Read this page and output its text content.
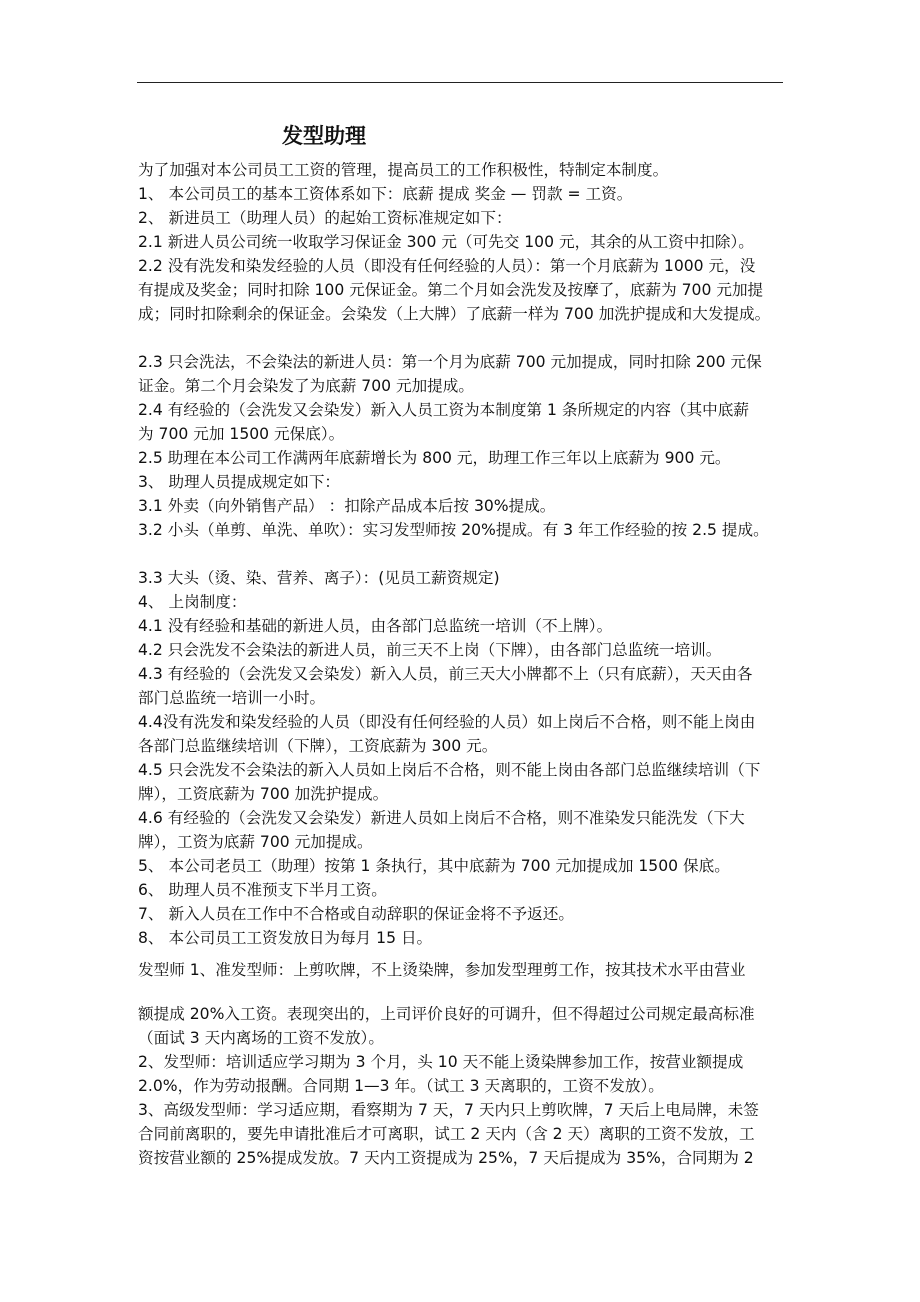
发型助理
为了加强对本公司员工工资的管理，提高员工的工作积极性，特制定本制度。
1、 本公司员工的基本工资体系如下：底薪 提成 奖金 — 罚款 = 工资。
2、 新进员工（助理人员）的起始工资标准规定如下：
2.1 新进人员公司统一收取学习保证金 300 元（可先交 100 元，其余的从工资中扣除）。
2.2 没有洗发和染发经验的人员（即没有任何经验的人员）：第一个月底薪为 1000 元，没
有提成及奖金；同时扣除 100 元保证金。第二个月如会洗发及按摩了，底薪为 700 元加提
成；同时扣除剩余的保证金。会染发（上大牌）了底薪一样为 700 加洗护提成和大发提成。
2.3 只会洗法，不会染法的新进人员：第一个月为底薪 700 元加提成，同时扣除 200 元保
证金。第二个月会染发了为底薪 700 元加提成。
2.4 有经验的（会洗发又会染发）新入人员工资为本制度第 1 条所规定的内容（其中底薪
为 700 元加 1500 元保底）。
2.5 助理在本公司工作满两年底薪增长为 800 元，助理工作三年以上底薪为 900 元。
3、 助理人员提成规定如下：
3.1 外卖（向外销售产品） ：扣除产品成本后按 30%提成。
3.2 小头（单剪、单洗、单吹）：实习发型师按 20%提成。有 3 年工作经验的按 2.5 提成。
3.3 大头（烫、染、营养、离子）：(见员工薪资规定)
4、 上岗制度：
4.1 没有经验和基础的新进人员，由各部门总监统一培训（不上牌）。
4.2 只会洗发不会染法的新进人员，前三天不上岗（下牌），由各部门总监统一培训。
4.3 有经验的（会洗发又会染发）新入人员，前三天大小牌都不上（只有底薪），天天由各
部门总监统一培训一小时。
4.4没有洗发和染发经验的人员（即没有任何经验的人员）如上岗后不合格，则不能上岗由
各部门总监继续培训（下牌），工资底薪为 300 元。
4.5 只会洗发不会染法的新入人员如上岗后不合格，则不能上岗由各部门总监继续培训（下
牌），工资底薪为 700 加洗护提成。
4.6 有经验的（会洗发又会染发）新进人员如上岗后不合格，则不准染发只能洗发（下大
牌），工资为底薪 700 元加提成。
5、 本公司老员工（助理）按第 1 条执行，其中底薪为 700 元加提成加 1500 保底。
6、 助理人员不准预支下半月工资。
7、 新入人员在工作中不合格或自动辞职的保证金将不予返还。
8、 本公司员工工资发放日为每月 15 日。
发型师 1、准发型师：上剪吹牌，不上烫染牌，参加发型理剪工作，按其技术水平由营业
额提成 20%入工资。表现突出的，上司评价良好的可调升，但不得超过公司规定最高标准
（面试 3 天内离场的工资不发放）。
2、发型师：培训适应学习期为 3 个月，头 10 天不能上烫染牌参加工作，按营业额提成
2.0%，作为劳动报酬。合同期 1—3 年。（试工 3 天离职的，工资不发放）。
3、高级发型师：学习适应期，看察期为 7 天，7 天内只上剪吹牌，7 天后上电局牌，未签
合同前离职的，要先申请批准后才可离职，试工 2 天内（含 2 天）离职的工资不发放，工
资按营业额的 25%提成发放。7 天内工资提成为 25%，7 天后提成为 35%，合同期为 2
